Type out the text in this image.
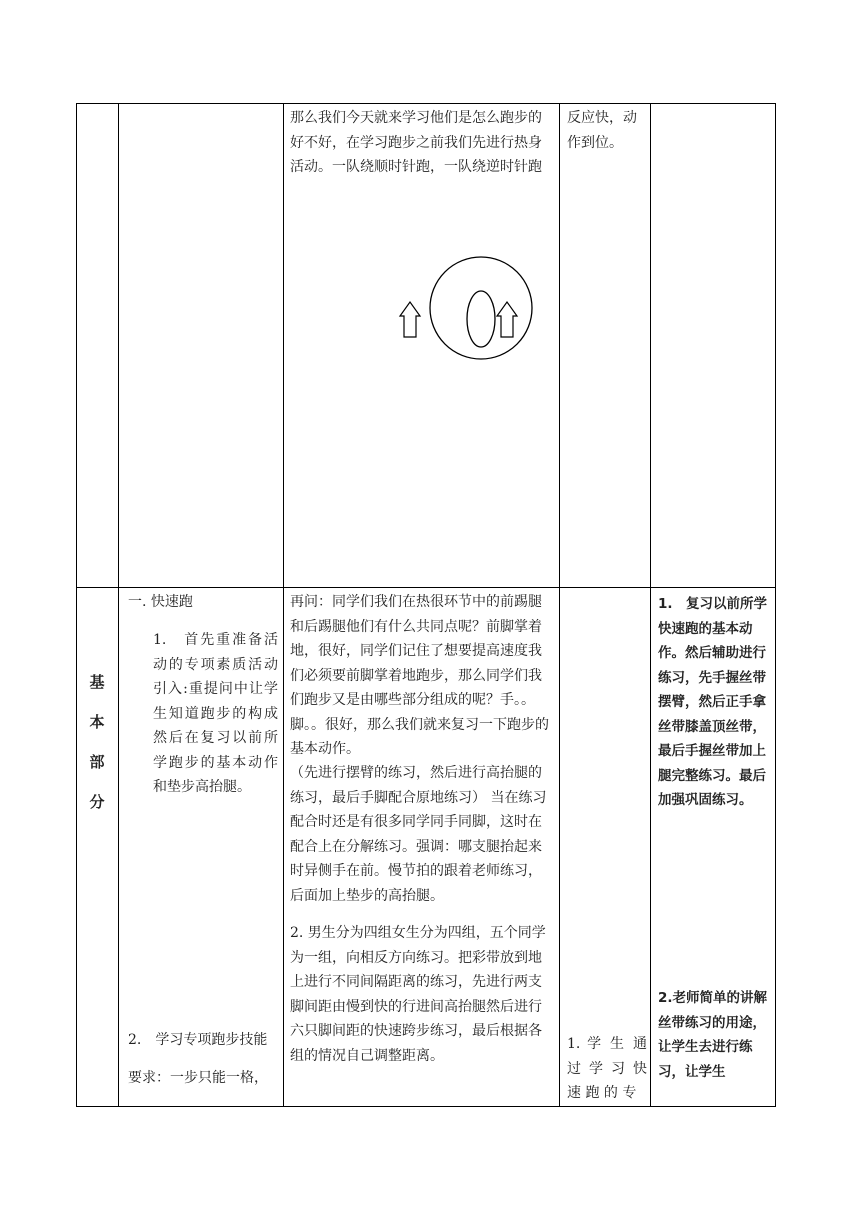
那么我们今天就来学习他们是怎么跑步的好不好，在学习跑步之前我们先进行热身活动。一队绕顺时针跑，一队绕逆时针跑
反应快，动作到位。
基
本
部
分
一. 快速跑
1.　首先重准备活动的专项素质活动引入:重提问中让学生知道跑步的构成然后在复习以前所学跑步的基本动作和垫步高抬腿。
2.　学习专项跑步技能
要求：一步只能一格，
再问：同学们我们在热很环节中的前踢腿和后踢腿他们有什么共同点呢？前脚掌着地，很好，同学们记住了想要提高速度我们必须要前脚掌着地跑步，那么同学们我们跑步又是由哪些部分组成的呢？手。。脚。。很好，那么我们就来复习一下跑步的基本动作。
（先进行摆臂的练习，然后进行高抬腿的练习，最后手脚配合原地练习） 当在练习配合时还是有很多同学同手同脚，这时在配合上在分解练习。强调：哪支腿抬起来时异侧手在前。慢节拍的跟着老师练习，后面加上垫步的高抬腿。
2. 男生分为四组女生分为四组，五个同学为一组，向相反方向练习。把彩带放到地上进行不同间隔距离的练习，先进行两支脚间距由慢到快的行进间高抬腿然后进行六只脚间距的快速跨步练习，最后根据各组的情况自己调整距离。
1. 学 生 通 过 学 习 快 速 跑 的 专
1.　复习以前所学快速跑的基本动作。然后辅助进行练习，先手握丝带摆臂，然后正手拿丝带膝盖顶丝带，最后手握丝带加上腿完整练习。最后加强巩固练习。
2.老师简单的讲解丝带练习的用途，让学生去进行练习，让学生
